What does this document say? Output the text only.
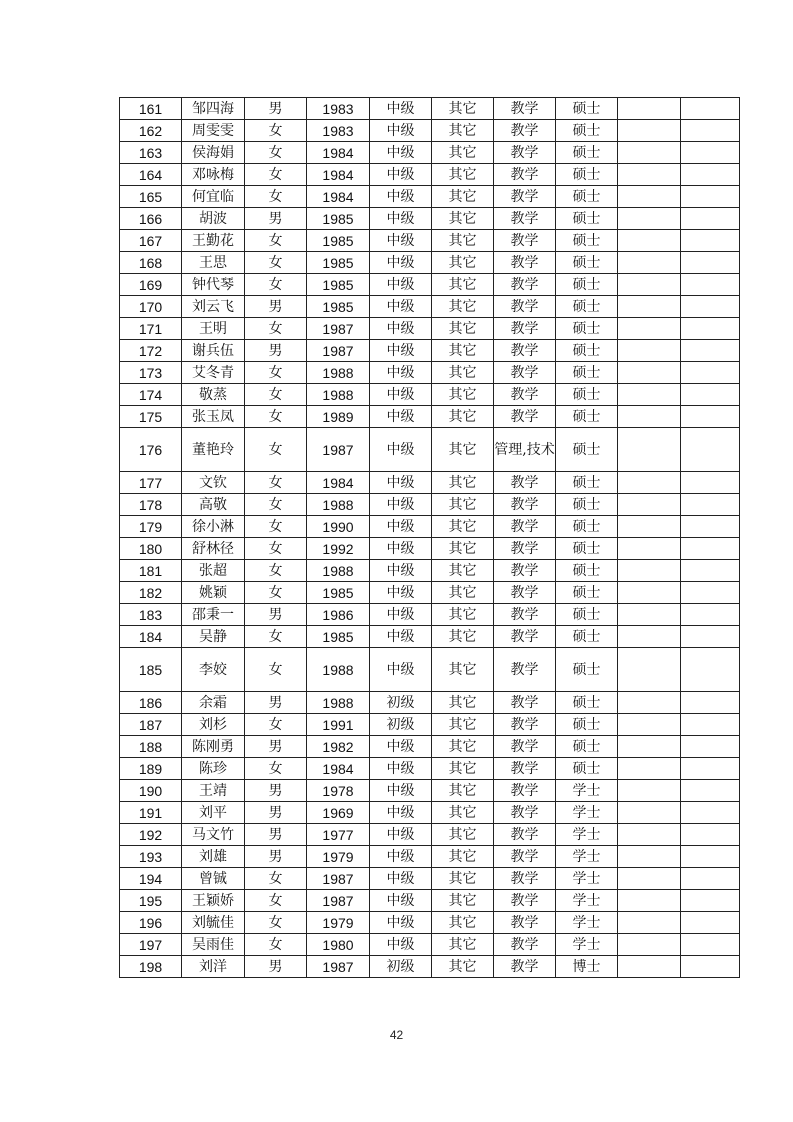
161	邹四海	男	1983	中级	其它	教学	硕士		
162	周雯雯	女	1983	中级	其它	教学	硕士		
163	侯海娟	女	1984	中级	其它	教学	硕士		
164	邓咏梅	女	1984	中级	其它	教学	硕士		
165	何宜临	女	1984	中级	其它	教学	硕士		
166	胡波	男	1985	中级	其它	教学	硕士		
167	王勤花	女	1985	中级	其它	教学	硕士		
168	王思	女	1985	中级	其它	教学	硕士		
169	钟代琴	女	1985	中级	其它	教学	硕士		
170	刘云飞	男	1985	中级	其它	教学	硕士		
171	王明	女	1987	中级	其它	教学	硕士		
172	谢兵伍	男	1987	中级	其它	教学	硕士		
173	艾冬青	女	1988	中级	其它	教学	硕士		
174	敬蒸	女	1988	中级	其它	教学	硕士		
175	张玉凤	女	1989	中级	其它	教学	硕士		
176	董艳玲	女	1987	中级	其它	管理,技术	硕士		
177	文钦	女	1984	中级	其它	教学	硕士		
178	高敬	女	1988	中级	其它	教学	硕士		
179	徐小淋	女	1990	中级	其它	教学	硕士		
180	舒林径	女	1992	中级	其它	教学	硕士		
181	张超	女	1988	中级	其它	教学	硕士		
182	姚颖	女	1985	中级	其它	教学	硕士		
183	邵秉一	男	1986	中级	其它	教学	硕士		
184	吴静	女	1985	中级	其它	教学	硕士		
185	李姣	女	1988	中级	其它	教学	硕士		
186	余霜	男	1988	初级	其它	教学	硕士		
187	刘杉	女	1991	初级	其它	教学	硕士		
188	陈刚勇	男	1982	中级	其它	教学	硕士		
189	陈珍	女	1984	中级	其它	教学	硕士		
190	王靖	男	1978	中级	其它	教学	学士		
191	刘平	男	1969	中级	其它	教学	学士		
192	马文竹	男	1977	中级	其它	教学	学士		
193	刘雄	男	1979	中级	其它	教学	学士		
194	曾铖	女	1987	中级	其它	教学	学士		
195	王颖娇	女	1987	中级	其它	教学	学士		
196	刘毓佳	女	1979	中级	其它	教学	学士		
197	吴雨佳	女	1980	中级	其它	教学	学士		
198	刘洋	男	1987	初级	其它	教学	博士		
42
